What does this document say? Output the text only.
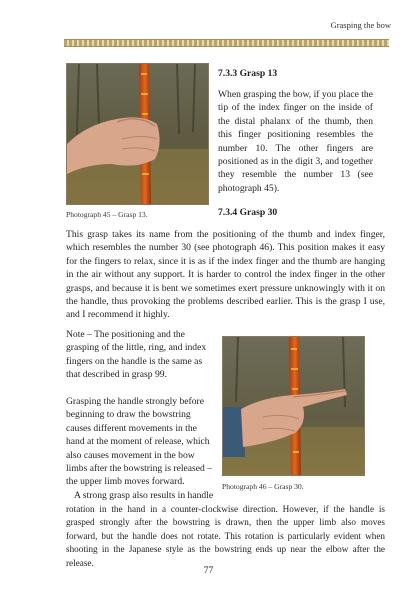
Grasping the bow
Photograph 45 – Grasp 13.
7.3.3 Grasp 13

When grasping the bow, if you place the tip of the index finger on the inside of the distal phalanx of the thumb, then this finger positioning resembles the number 10. The other fingers are positioned as in the digit 3, and together they resemble the number 13 (see photograph 45).

7.3.4 Grasp 30

This grasp takes its name from the positioning of the thumb and index finger, which resembles the number 30 (see photograph 46). This position makes it easy for the fingers to relax, since it is as if the index finger and the thumb are hanging in the air without any support. It is harder to control the index finger in the other grasps, and because it is bent we sometimes exert pressure unknowingly with it on the handle, thus provoking the problems described earlier. This is the grasp I use, and I recommend it highly.

Note – The positioning and the grasping of the little, ring, and index fingers on the handle is the same as that described in grasp 99.

Grasping the handle strongly before beginning to draw the bowstring causes different movements in the hand at the moment of release, which also causes movement in the bow limbs after the bowstring is released – the upper limb moves forward.	Photograph 46 – Grasp 30.

A strong grasp also results in handle

rotation in the hand in a counter-clockwise direction. However, if the handle is grasped strongly after the bowstring is drawn, then the upper limb also moves forward, but the handle does not rotate. This rotation is particularly evident when shooting in the Japanese style as the bowstring ends up near the elbow after the release.

77
